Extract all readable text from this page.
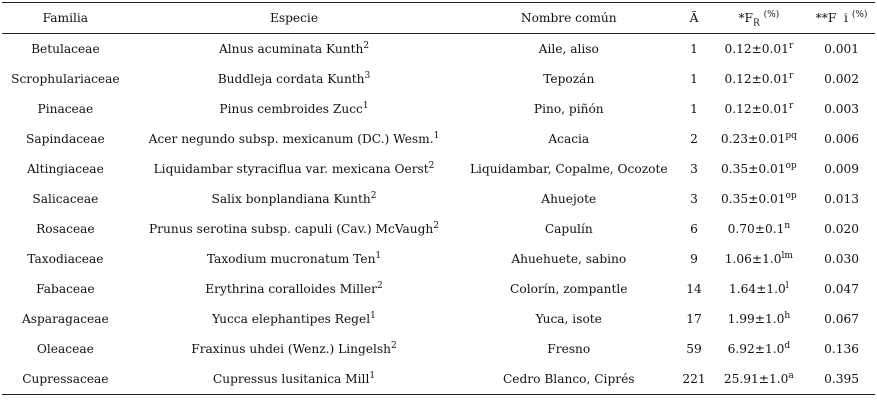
Familia	Especie	Nombre común	Ã	$*F_R$ (%)	**F  i (%)
Betulaceae	Alnus acuminata Kunth$^2$	Aile, aliso	1	$0.12\pm 0.01^r$	0.001
Scrophulariaceae	Buddleja cordata Kunth$^3$	Tepozán	1	$0.12\pm 0.01^r$	0.002
Pinaceae	Pinus cembroides Zucc$^1$	Pino, piñón	1	$0.12\pm 0.01^r$	0.003
Sapindaceae	Acer negundo subsp. mexicanum (DC.) Wesm.$^1$	Acacia	2	$0.23\pm 0.01^{pq}$	0.006
Altingiaceae	Liquidambar styraciflua var. mexicana Oerst$^2$	Liquidambar, Copalme, Ocozote	3	$0.35\pm 0.01^{op}$	0.009
Salicaceae	Salix bonplandiana Kunth$^2$	Ahuejote	3	$0.35\pm 0.01^{op}$	0.013
Rosaceae	Prunus serotina subsp. capuli (Cav.) McVaugh$^2$	Capulín	6	$0.70\pm 0.1^n$	0.020
Taxodiaceae	Taxodium mucronatum Ten$^1$	Ahuehuete, sabino	9	$1.06\pm 1.0^{lm}$	0.030
Fabaceae	Erythrina coralloides Miller$^2$	Colorín, zompantle	14	$1.64\pm 1.0^l$	0.047
Asparagaceae	Yucca elephantipes Regel$^1$	Yuca, isote	17	1.99±1.0$^h$	0.067
Oleaceae	Fraxinus uhdei (Wenz.) Lingelsh$^2$	Fresno	59	6.92±1.0$^d$	0.136
Cupressaceae	Cupressus lusitanica Mill$^1$	Cedro Blanco, Ciprés	221	25.91±1.0$^a$	0.395
